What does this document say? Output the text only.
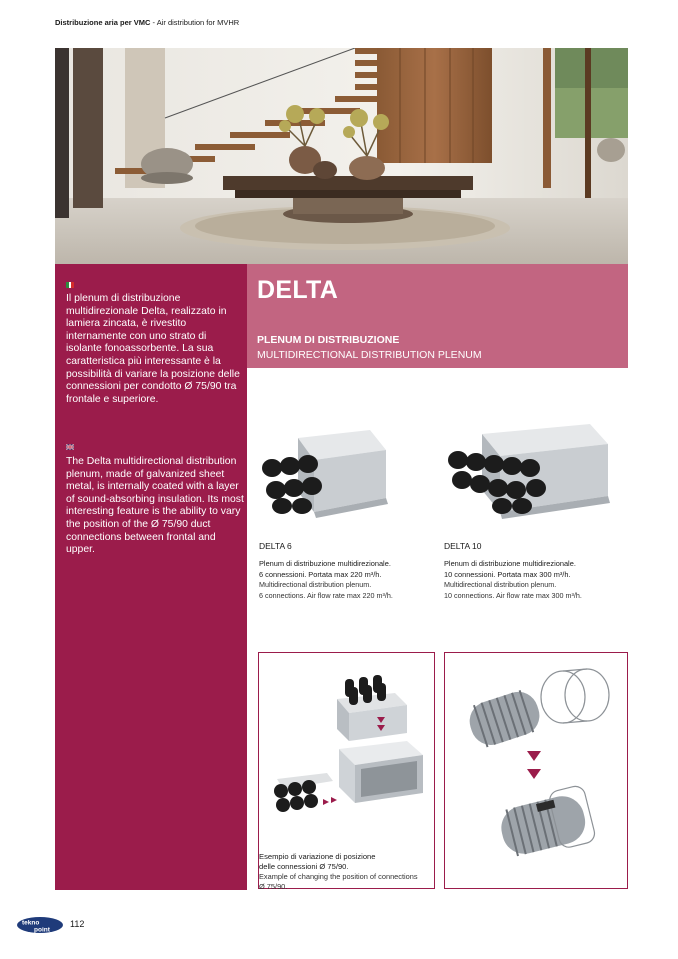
Distribuzione aria per VMC - Air distribution for MVHR
Il plenum di distribuzione multidirezionale Delta, realizzato in lamiera zincata, è rivestito internamente con uno strato di isolante fonoassorbente. La sua caratteristica più interessante è la possibilità di variare la posizione delle connessioni per condotto Ø 75/90 tra frontale e superiore.
The Delta multidirectional distribution plenum, made of galvanized sheet metal, is internally coated with a layer of sound-absorbing insulation. Its most interesting feature is the ability to vary the position of the Ø 75/90 duct connections between frontal and upper.
DELTA
PLENUM DI DISTRIBUZIONE
MULTIDIRECTIONAL DISTRIBUTION PLENUM
DELTA 6
Plenum di distribuzione multidirezionale.
6 connessioni. Portata max 220 m³/h.
Multidirectional distribution plenum.
6 connections. Air flow rate max 220 m³/h.
DELTA 10
Plenum di distribuzione multidirezionale.
10 connessioni. Portata max 300 m³/h.
Multidirectional distribution plenum.
10 connections. Air flow rate max 300 m³/h.
Esempio di variazione di posizione
delle connessioni Ø 75/90.
Example of changing the position of connections
Ø 75/90.
tekno
point
112
